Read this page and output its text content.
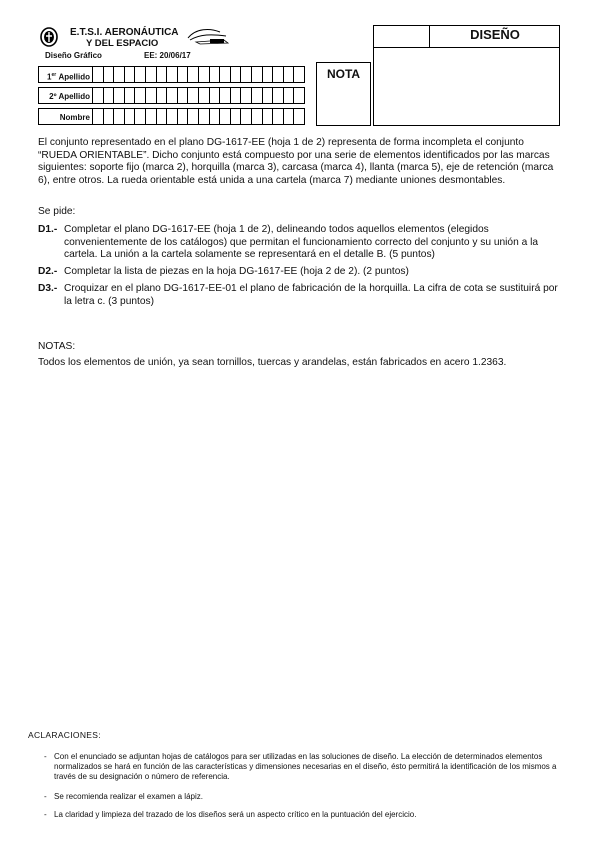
E.T.S.I. AERONÁUTICA
Y DEL ESPACIO
Diseño Gráfico	EE: 20/06/17
1er Apellido
2º Apellido
Nombre
NOTA
DISEÑO
El conjunto representado en el plano DG-1617-EE (hoja 1 de 2) representa de forma incompleta el conjunto “RUEDA ORIENTABLE”. Dicho conjunto está compuesto por una serie de elementos identificados por las marcas siguientes: soporte fijo (marca 2), horquilla (marca 3), carcasa (marca 4), llanta (marca 5), eje de retención (marca 6), entre otros. La rueda orientable está unida a una cartela (marca 7) mediante uniones desmontables.
Se pide:
D1.- Completar el plano DG-1617-EE (hoja 1 de 2), delineando todos aquellos elementos (elegidos convenientemente de los catálogos) que permitan el funcionamiento correcto del conjunto y su unión a la cartela. La unión a la cartela solamente se representará en el detalle B. (5 puntos)
D2.- Completar la lista de piezas en la hoja DG-1617-EE (hoja 2 de 2). (2 puntos)
D3.- Croquizar en el plano DG-1617-EE-01 el plano de fabricación de la horquilla. La cifra de cota se sustituirá por la letra c. (3 puntos)
NOTAS:
Todos los elementos de unión, ya sean tornillos, tuercas y arandelas, están fabricados en acero 1.2363.
ACLARACIONES:
- Con el enunciado se adjuntan hojas de catálogos para ser utilizadas en las soluciones de diseño. La elección de determinados elementos normalizados se hará en función de las características y dimensiones necesarias en el diseño, ésto permitirá la identificación de los mismos a través de su designación o número de referencia.
- Se recomienda realizar el examen a lápiz.
- La claridad y limpieza del trazado de los diseños será un aspecto crítico en la puntuación del ejercicio.
